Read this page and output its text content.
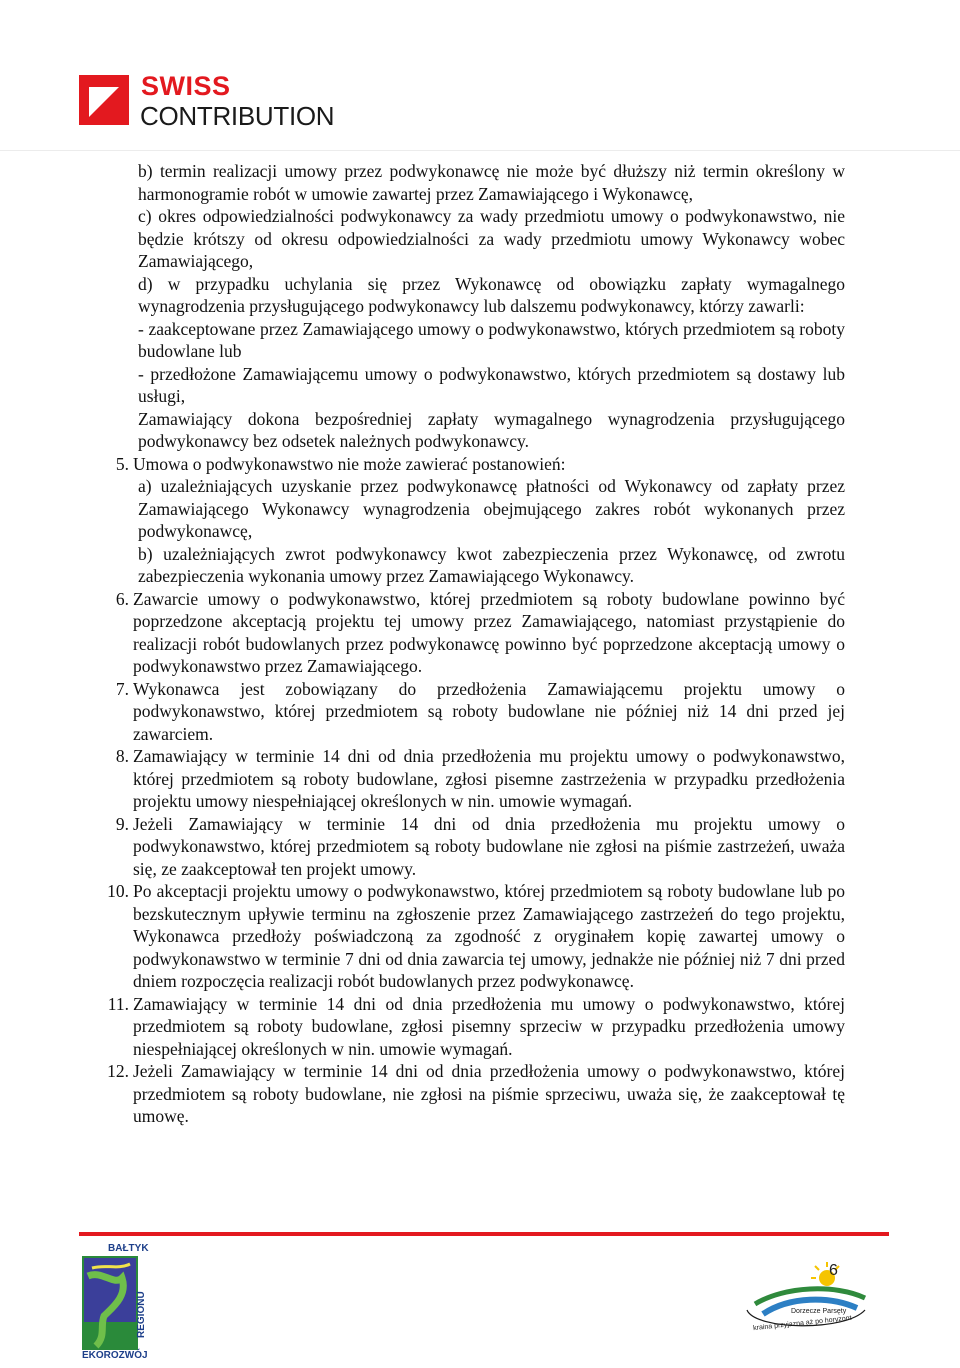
SWISS
CONTRIBUTION
b) termin realizacji umowy przez podwykonawcę nie może być dłuższy niż termin określony w harmonogramie robót w umowie zawartej przez Zamawiającego i Wykonawcę,
c) okres odpowiedzialności podwykonawcy za wady przedmiotu umowy o podwykonawstwo, nie będzie krótszy od okresu odpowiedzialności za wady przedmiotu umowy Wykonawcy wobec Zamawiającego,
d) w przypadku uchylania się przez Wykonawcę od obowiązku zapłaty wymagalnego wynagrodzenia przysługującego podwykonawcy lub dalszemu podwykonawcy, którzy zawarli:
- zaakceptowane przez Zamawiającego umowy o podwykonawstwo, których przedmiotem są roboty budowlane lub
- przedłożone Zamawiającemu umowy o podwykonawstwo, których przedmiotem są dostawy lub usługi,
Zamawiający dokona bezpośredniej zapłaty wymagalnego wynagrodzenia przysługującego podwykonawcy bez odsetek należnych podwykonawcy.
5. Umowa o podwykonawstwo nie może zawierać postanowień:
a) uzależniających uzyskanie przez podwykonawcę płatności od Wykonawcy od zapłaty przez Zamawiającego Wykonawcy wynagrodzenia obejmującego zakres robót wykonanych przez podwykonawcę,
b) uzależniających zwrot podwykonawcy kwot zabezpieczenia przez Wykonawcę, od zwrotu zabezpieczenia wykonania umowy przez Zamawiającego Wykonawcy.
6. Zawarcie umowy o podwykonawstwo, której przedmiotem są roboty budowlane powinno być poprzedzone akceptacją projektu tej umowy przez Zamawiającego, natomiast przystąpienie do realizacji robót budowlanych przez podwykonawcę powinno być poprzedzone akceptacją umowy o podwykonawstwo przez Zamawiającego.
7. Wykonawca jest zobowiązany do przedłożenia Zamawiającemu projektu umowy o podwykonawstwo, której przedmiotem są roboty budowlane nie później niż 14 dni przed jej zawarciem.
8. Zamawiający w terminie 14 dni od dnia przedłożenia mu projektu umowy o podwykonawstwo, której przedmiotem są roboty budowlane, zgłosi pisemne zastrzeżenia w przypadku przedłożenia projektu umowy niespełniającej określonych w nin. umowie wymagań.
9. Jeżeli Zamawiający w terminie 14 dni od dnia przedłożenia mu projektu umowy o podwykonawstwo, której przedmiotem są roboty budowlane nie zgłosi na piśmie zastrzeżeń, uważa się, ze zaakceptował ten projekt umowy.
10. Po akceptacji projektu umowy o podwykonawstwo, której przedmiotem są roboty budowlane lub po bezskutecznym upływie terminu na zgłoszenie przez Zamawiającego zastrzeżeń do tego projektu, Wykonawca przedłoży poświadczoną za zgodność z oryginałem kopię zawartej umowy o podwykonawstwo w terminie 7 dni od dnia zawarcia tej umowy, jednakże nie później niż 7 dni przed dniem rozpoczęcia realizacji robót budowlanych przez podwykonawcę.
11. Zamawiający w terminie 14 dni od dnia przedłożenia mu umowy o podwykonawstwo, której przedmiotem są roboty budowlane, zgłosi pisemny sprzeciw w przypadku przedłożenia umowy niespełniającej określonych w nin. umowie wymagań.
12. Jeżeli Zamawiający w terminie 14 dni od dnia przedłożenia umowy o podwykonawstwo, której przedmiotem są roboty budowlane, nie zgłosi na piśmie sprzeciwu, uważa się, że zaakceptował tę umowę.
BAŁTYK
REGIONU
EKOROZWÓJ
Dorzecze Parsęty
kraina przyjazna aż po horyzont
6
